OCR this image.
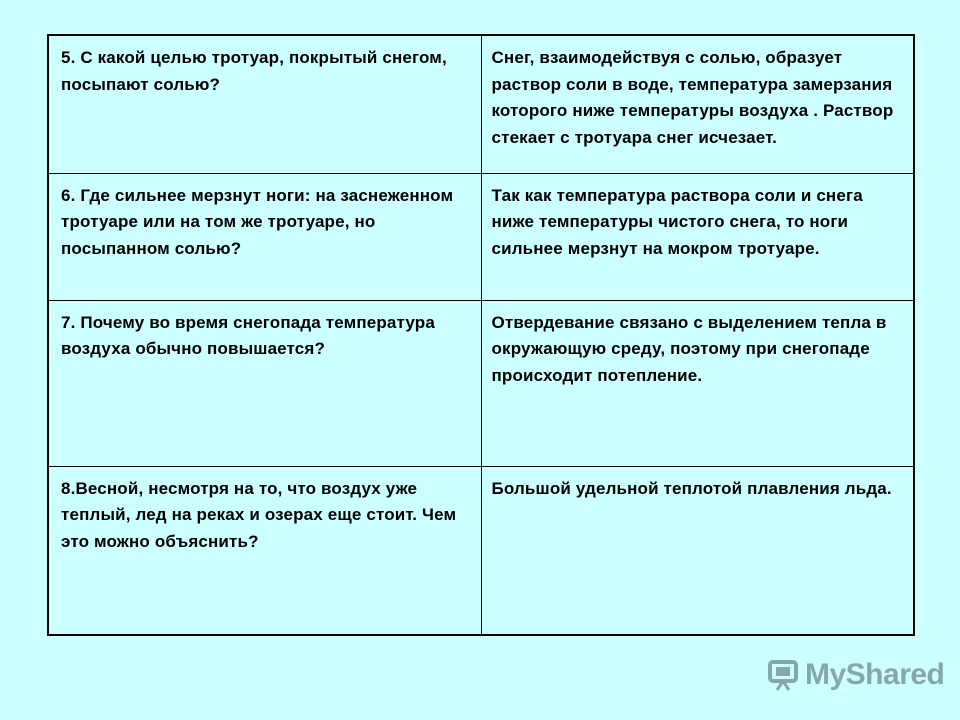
5. С какой целью тротуар, покрытый снегом, посыпают солью?	Снег, взаимодействуя с солью, образует раствор соли в воде, температура замерзания которого ниже температуры воздуха . Раствор стекает с тротуара снег исчезает.
6. Где сильнее мерзнут ноги: на заснеженном тротуаре или на том же тротуаре, но посыпанном солью?	Так как температура раствора соли и снега ниже температуры чистого снега, то ноги сильнее мерзнут на мокром тротуаре.
7. Почему во время снегопада температура воздуха обычно повышается?	Отвердевание связано с выделением тепла в окружающую среду, поэтому при снегопаде происходит потепление.
8.Весной, несмотря на то, что воздух уже теплый, лед на реках и озерах еще стоит. Чем это можно объяснить?	Большой удельной теплотой плавления льда.
MyShared
